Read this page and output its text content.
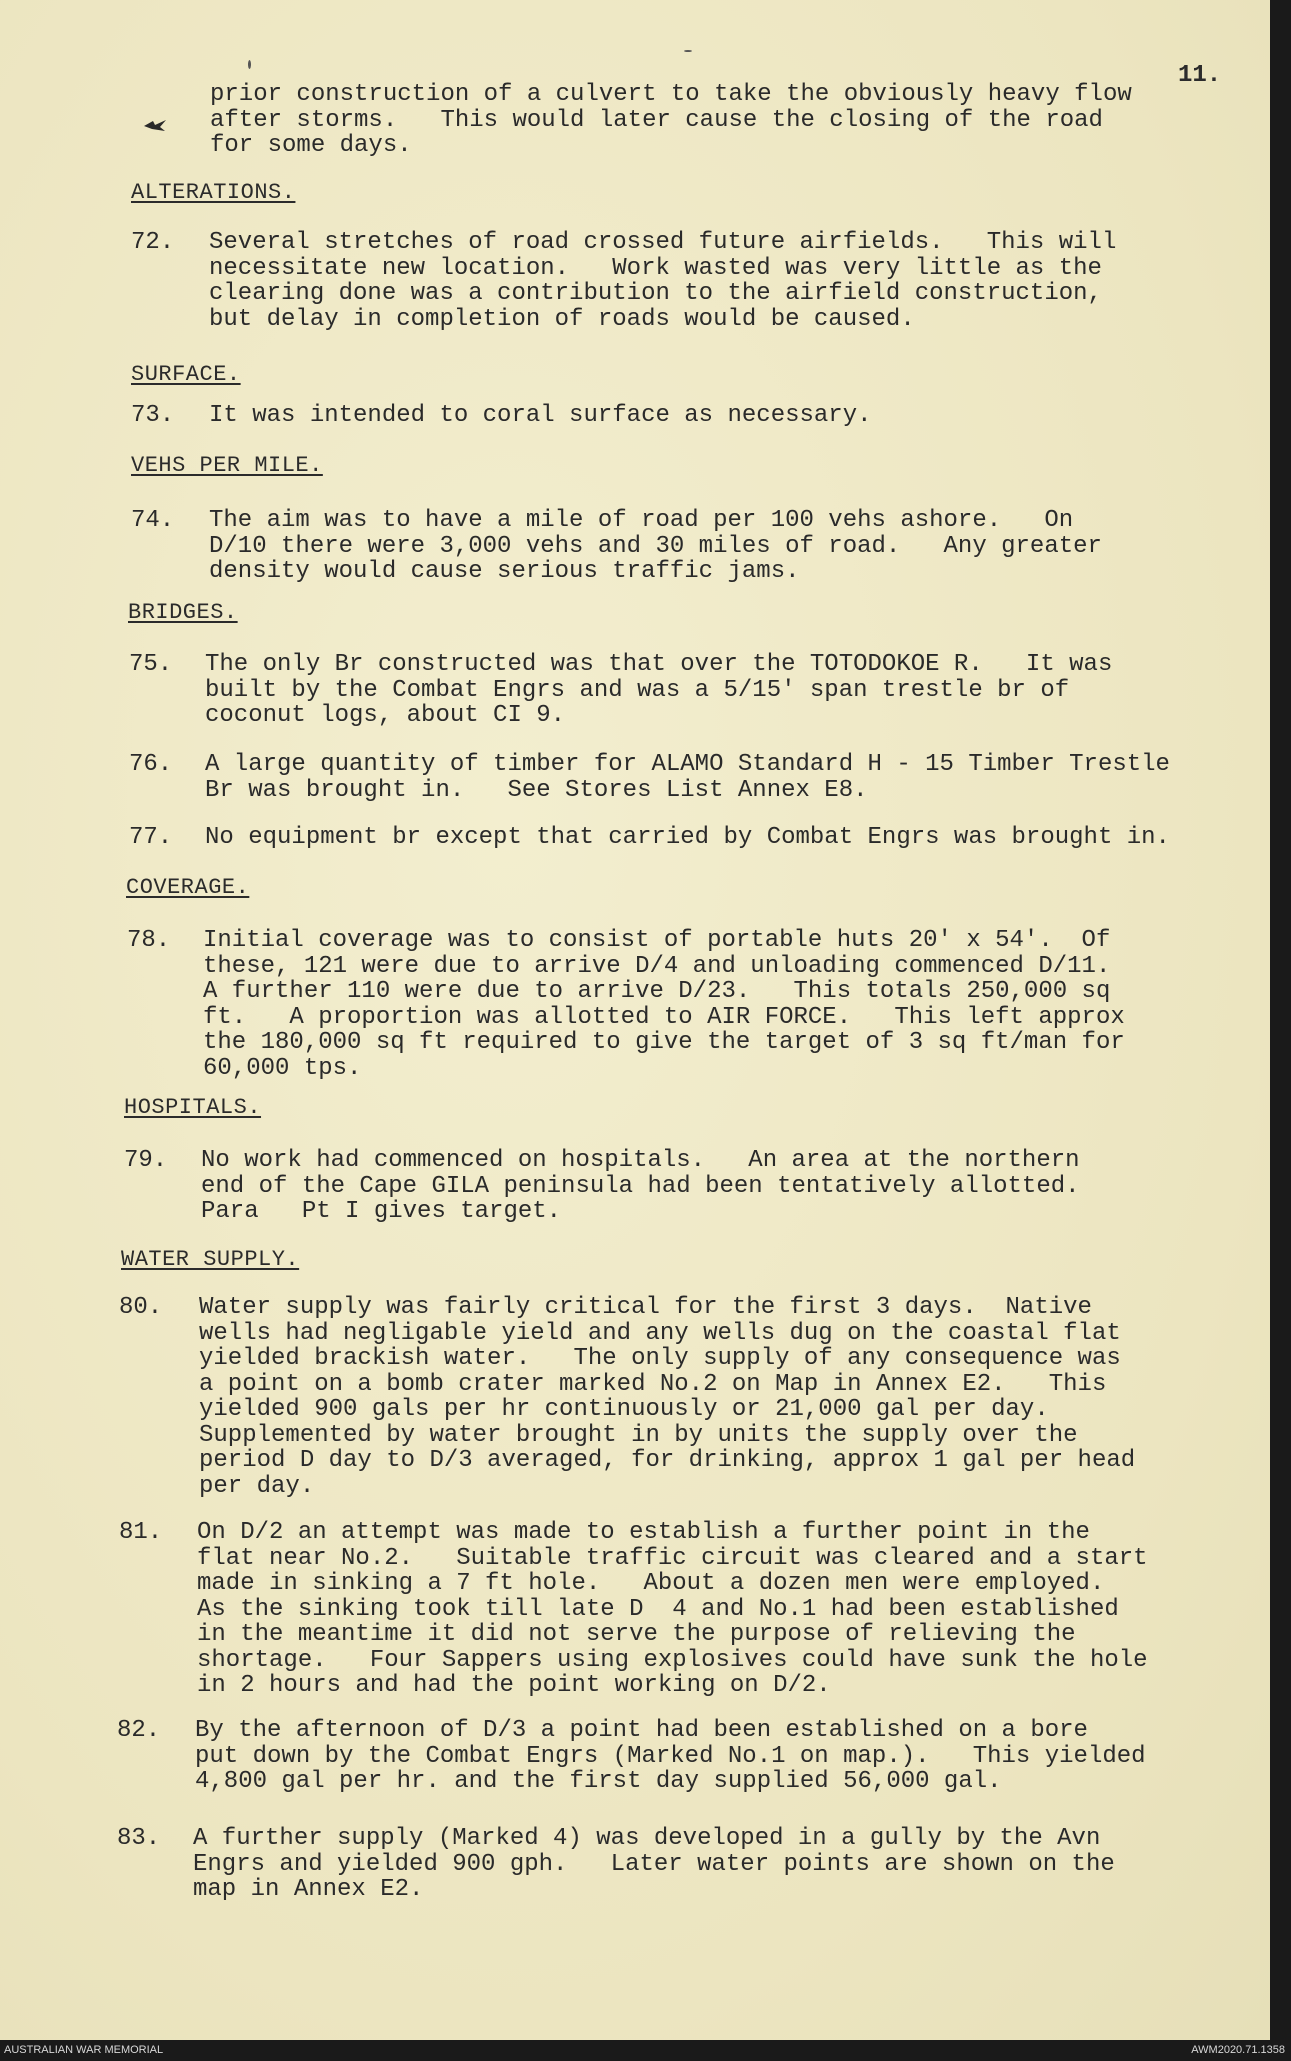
11.
prior construction of a culvert to take the obviously heavy flow
after storms.   This would later cause the closing of the road
for some days.
ALTERATIONS.
72. Several stretches of road crossed future airfields.   This will
necessitate new location.   Work wasted was very little as the
clearing done was a contribution to the airfield construction,
but delay in completion of roads would be caused.
SURFACE.
73. It was intended to coral surface as necessary.
VEHS PER MILE.
74. The aim was to have a mile of road per 100 vehs ashore.   On
D/10 there were 3,000 vehs and 30 miles of road.   Any greater
density would cause serious traffic jams.
BRIDGES.
75. The only Br constructed was that over the TOTODOKOE R.   It was
built by the Combat Engrs and was a 5/15' span trestle br of
coconut logs, about CI 9.
76. A large quantity of timber for ALAMO Standard H - 15 Timber Trestle
Br was brought in.   See Stores List Annex E8.
77. No equipment br except that carried by Combat Engrs was brought in.
COVERAGE.
78. Initial coverage was to consist of portable huts 20' x 54'.  Of
these, 121 were due to arrive D/4 and unloading commenced D/11.
A further 110 were due to arrive D/23.   This totals 250,000 sq
ft.   A proportion was allotted to AIR FORCE.   This left approx
the 180,000 sq ft required to give the target of 3 sq ft/man for
60,000 tps.
HOSPITALS.
79. No work had commenced on hospitals.   An area at the northern
end of the Cape GILA peninsula had been tentatively allotted.
Para   Pt I gives target.
WATER SUPPLY.
80. Water supply was fairly critical for the first 3 days.  Native
wells had negligable yield and any wells dug on the coastal flat
yielded brackish water.   The only supply of any consequence was
a point on a bomb crater marked No.2 on Map in Annex E2.   This
yielded 900 gals per hr continuously or 21,000 gal per day.
Supplemented by water brought in by units the supply over the
period D day to D/3 averaged, for drinking, approx 1 gal per head
per day.
81. On D/2 an attempt was made to establish a further point in the
flat near No.2.   Suitable traffic circuit was cleared and a start
made in sinking a 7 ft hole.   About a dozen men were employed.
As the sinking took till late D  4 and No.1 had been established
in the meantime it did not serve the purpose of relieving the
shortage.   Four Sappers using explosives could have sunk the hole
in 2 hours and had the point working on D/2.
82. By the afternoon of D/3 a point had been established on a bore
put down by the Combat Engrs (Marked No.1 on map.).   This yielded
4,800 gal per hr. and the first day supplied 56,000 gal.
83. A further supply (Marked 4) was developed in a gully by the Avn
Engrs and yielded 900 gph.   Later water points are shown on the
map in Annex E2.
AUSTRALIAN WAR MEMORIAL	AWM2020.71.1358
